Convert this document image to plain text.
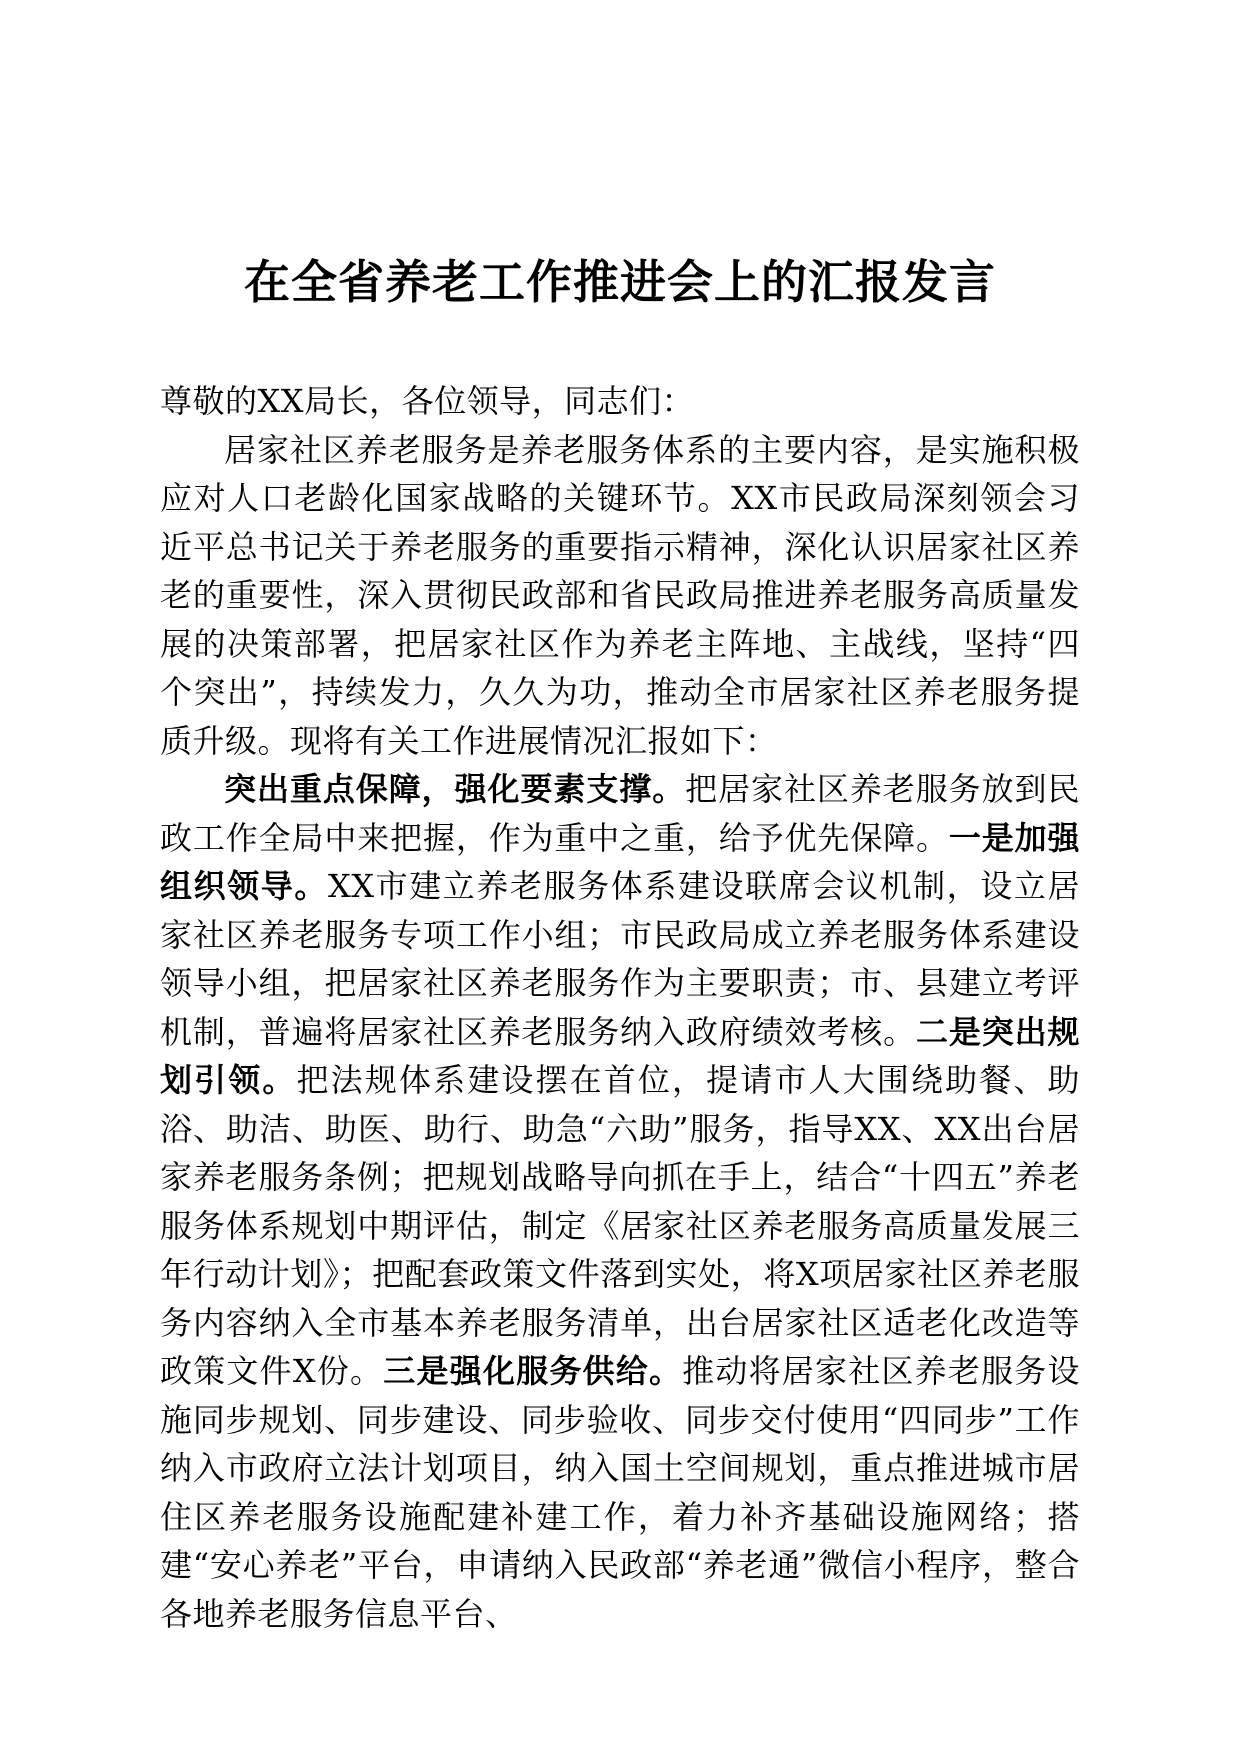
在全省养老工作推进会上的汇报发言

尊敬的XX局长，各位领导，同志们：

居家社区养老服务是养老服务体系的主要内容，是实施积极应对人口老龄化国家战略的关键环节。XX市民政局深刻领会习近平总书记关于养老服务的重要指示精神，深化认识居家社区养老的重要性，深入贯彻民政部和省民政局推进养老服务高质量发展的决策部署，把居家社区作为养老主阵地、主战线，坚持“四个突出”，持续发力，久久为功，推动全市居家社区养老服务提质升级。现将有关工作进展情况汇报如下：

突出重点保障，强化要素支撑。把居家社区养老服务放到民政工作全局中来把握，作为重中之重，给予优先保障。一是加强组织领导。XX市建立养老服务体系建设联席会议机制，设立居家社区养老服务专项工作小组；市民政局成立养老服务体系建设领导小组，把居家社区养老服务作为主要职责；市、县建立考评机制，普遍将居家社区养老服务纳入政府绩效考核。二是突出规划引领。把法规体系建设摆在首位，提请市人大围绕助餐、助浴、助洁、助医、助行、助急“六助”服务，指导XX、XX出台居家养老服务条例；把规划战略导向抓在手上，结合“十四五”养老服务体系规划中期评估，制定《居家社区养老服务高质量发展三年行动计划》；把配套政策文件落到实处，将X项居家社区养老服务内容纳入全市基本养老服务清单，出台居家社区适老化改造等政策文件X份。三是强化服务供给。推动将居家社区养老服务设施同步规划、同步建设、同步验收、同步交付使用“四同步”工作纳入市政府立法计划项目，纳入国土空间规划，重点推进城市居住区养老服务设施配建补建工作，着力补齐基础设施网络；搭建“安心养老”平台，申请纳入民政部“养老通”微信小程序，整合各地养老服务信息平台、
